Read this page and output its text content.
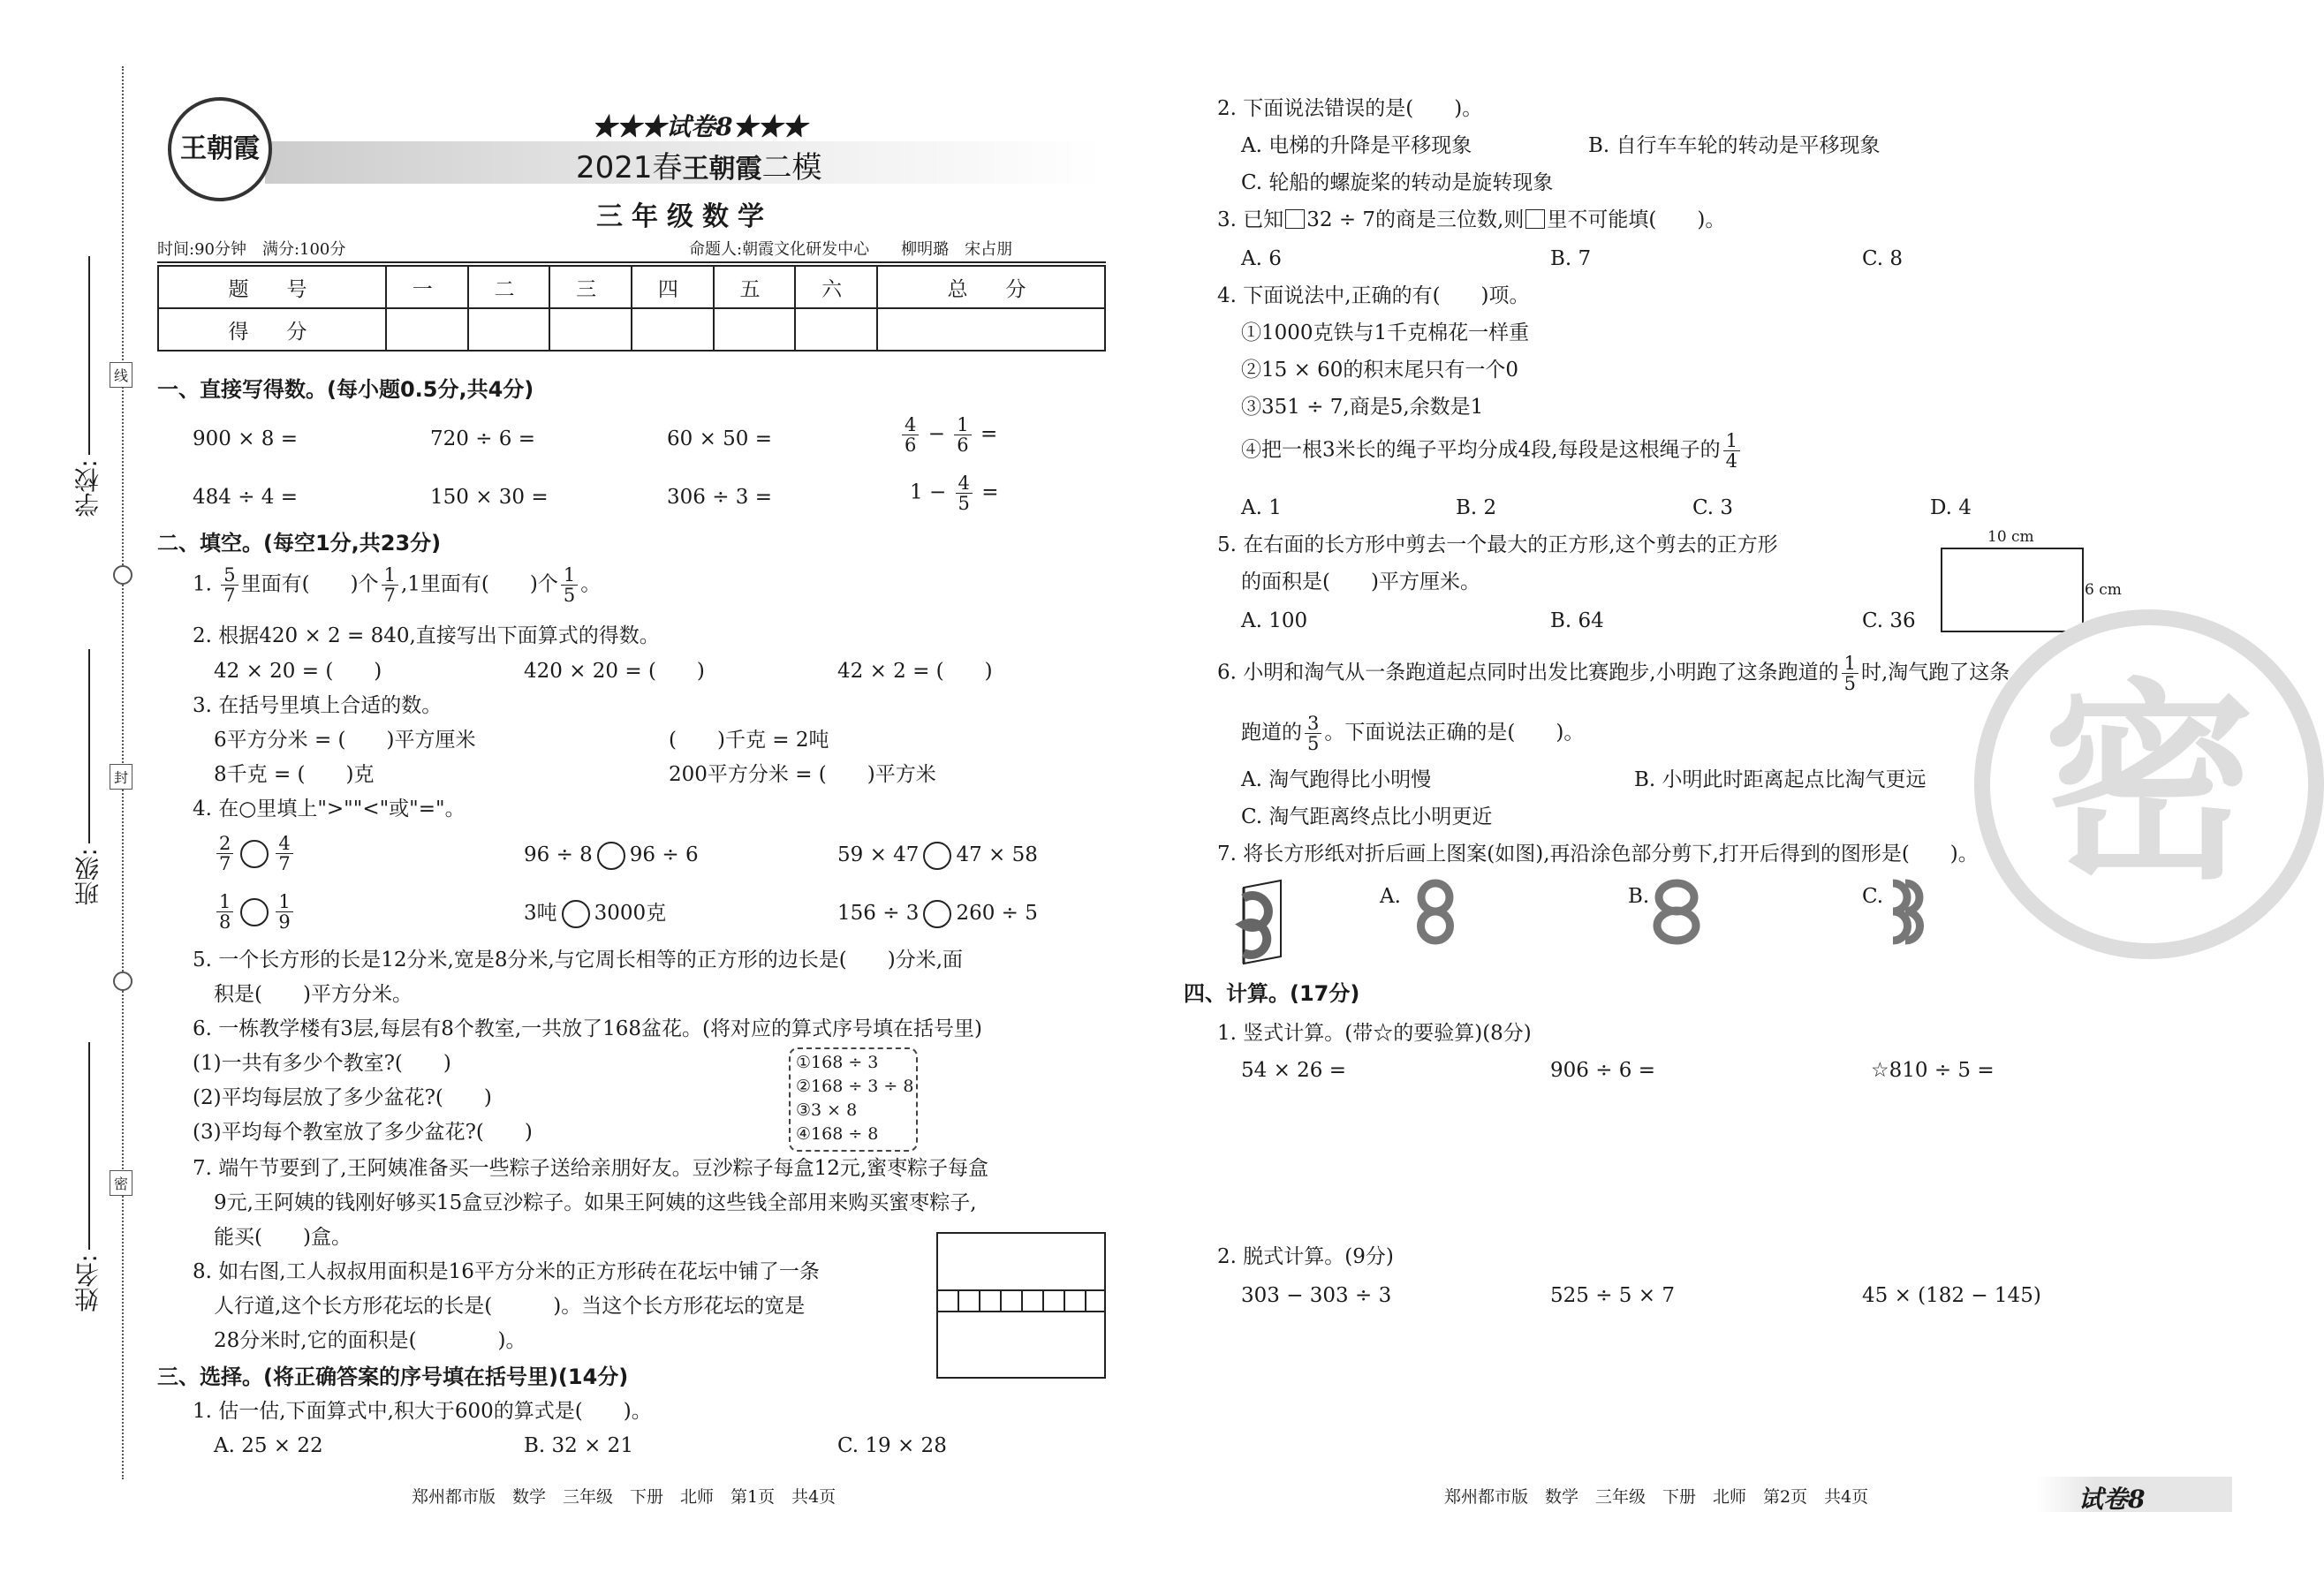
线
封
密
学校:
班级:
姓名:
王朝霞
★★★试卷8★★★
2021春王朝霞二模
三年级数学
时间:90分钟　 满分:100分	命题人:朝霞文化研发中心　　 柳明璐　宋占朋
题　号	一	二	三	四	五	六	总　分
得　分							
一、直接写得数。(每小题0.5分,共4分)
900 × 8 =	720 ÷ 6 =	60 × 50 =	$\frac{4}{6} - \frac{1}{6}$ =
484 ÷ 4 =	150 × 30 =	306 ÷ 3 =	$1 - \frac{4}{5}$ =
二、填空。(每空1分,共23分)
1. $\frac{5}{7}$ 里面有(　　)个 $\frac{1}{7} ,1$里面有(　　)个 $\frac{1}{5}$ 。
2. 根据420 × 2 = 840,直接写出下面算式的得数。
42 × 20 = (　　)	420 × 20 = (　　)	42 × 2 = (　　)
3. 在括号里填上合适的数。
6平方分米 = (　　)平方厘米	(　　)千克 = 2吨
8千克 = (　　)克	200平方分米 = (　　)平方米
4. 在○里填上">""<"或"="。
$\frac{2}{7} \frac{4}{7}$	96 ÷ 8 96 ÷ 6	59 × 47 47 × 58
$\frac{1}{8} \frac{1}{9}$	3吨 3000克	156 ÷ 3 260 ÷ 5
5. 一个长方形的长是12分米,宽是8分米,与它周长相等的正方形的边长是(　　)分米,面
积是(　　)平方分米。
6. 一栋教学楼有3层,每层有8个教室,一共放了168盆花。(将对应的算式序号填在括号里)
(1)一共有多少个教室?(　　)
(2)平均每层放了多少盆花?(　　)
(3)平均每个教室放了多少盆花?(　　)
①168 ÷ 3
②168 ÷ 3 ÷ 8
③3 × 8
④168 ÷ 8
7. 端午节要到了,王阿姨准备买一些粽子送给亲朋好友。豆沙粽子每盒12元,蜜枣粽子每盒
9元,王阿姨的钱刚好够买15盒豆沙粽子。如果王阿姨的这些钱全部用来购买蜜枣粽子,
能买(　　)盒。
8. 如右图,工人叔叔用面积是16平方分米的正方形砖在花坛中铺了一条
人行道,这个长方形花坛的长是(　　　)。当这个长方形花坛的宽是
28分米时,它的面积是(　　　　)。
三、选择。(将正确答案的序号填在括号里)(14分)
1. 估一估,下面算式中,积大于600的算式是(　　)。
A. 25 × 22	B. 32 × 21	C. 19 × 28
2. 下面说法错误的是(　　)。
A. 电梯的升降是平移现象	B. 自行车车轮的转动是平移现象
C. 轮船的螺旋桨的转动是旋转现象
3. 已知 32 ÷ 7的商是三位数,则 里不可能填(　　)。
A. 6	B. 7	C. 8
4. 下面说法中,正确的有(　　)项。
①1000克铁与1千克棉花一样重
②15 × 60的积末尾只有一个0
③351 ÷ 7,商是5,余数是1
④把一根3米长的绳子平均分成4段,每段是这根绳子的 $\frac{1}{4}$
A. 1	B. 2	C. 3	D. 4
5. 在右面的长方形中剪去一个最大的正方形,这个剪去的正方形
的面积是(　　)平方厘米。
A. 100	B. 64	C. 36
10 cm
6 cm
6. 小明和淘气从一条跑道起点同时出发比赛跑步,小明跑了这条跑道的 $\frac{1}{5}$ 时,淘气跑了这条
跑道的 $\frac{3}{5}$ 。下面说法正确的是(　　)。
A. 淘气跑得比小明慢	B. 小明此时距离起点比淘气更远
C. 淘气距离终点比小明更近
7. 将长方形纸对折后画上图案(如图),再沿涂色部分剪下,打开后得到的图形是(　　)。
A.	B.	C.
四、计算。(17分)
1. 竖式计算。(带☆的要验算)(8分)
54 × 26 =	906 ÷ 6 =	☆810 ÷ 5 =
2. 脱式计算。(9分)
303 − 303 ÷ 3	525 ÷ 5 × 7	45 × (182 − 145)
密
郑州都市版　数学　三年级　下册　北师　第1页　共4页	郑州都市版　数学　三年级　下册　北师　第2页　共4页	试卷8
